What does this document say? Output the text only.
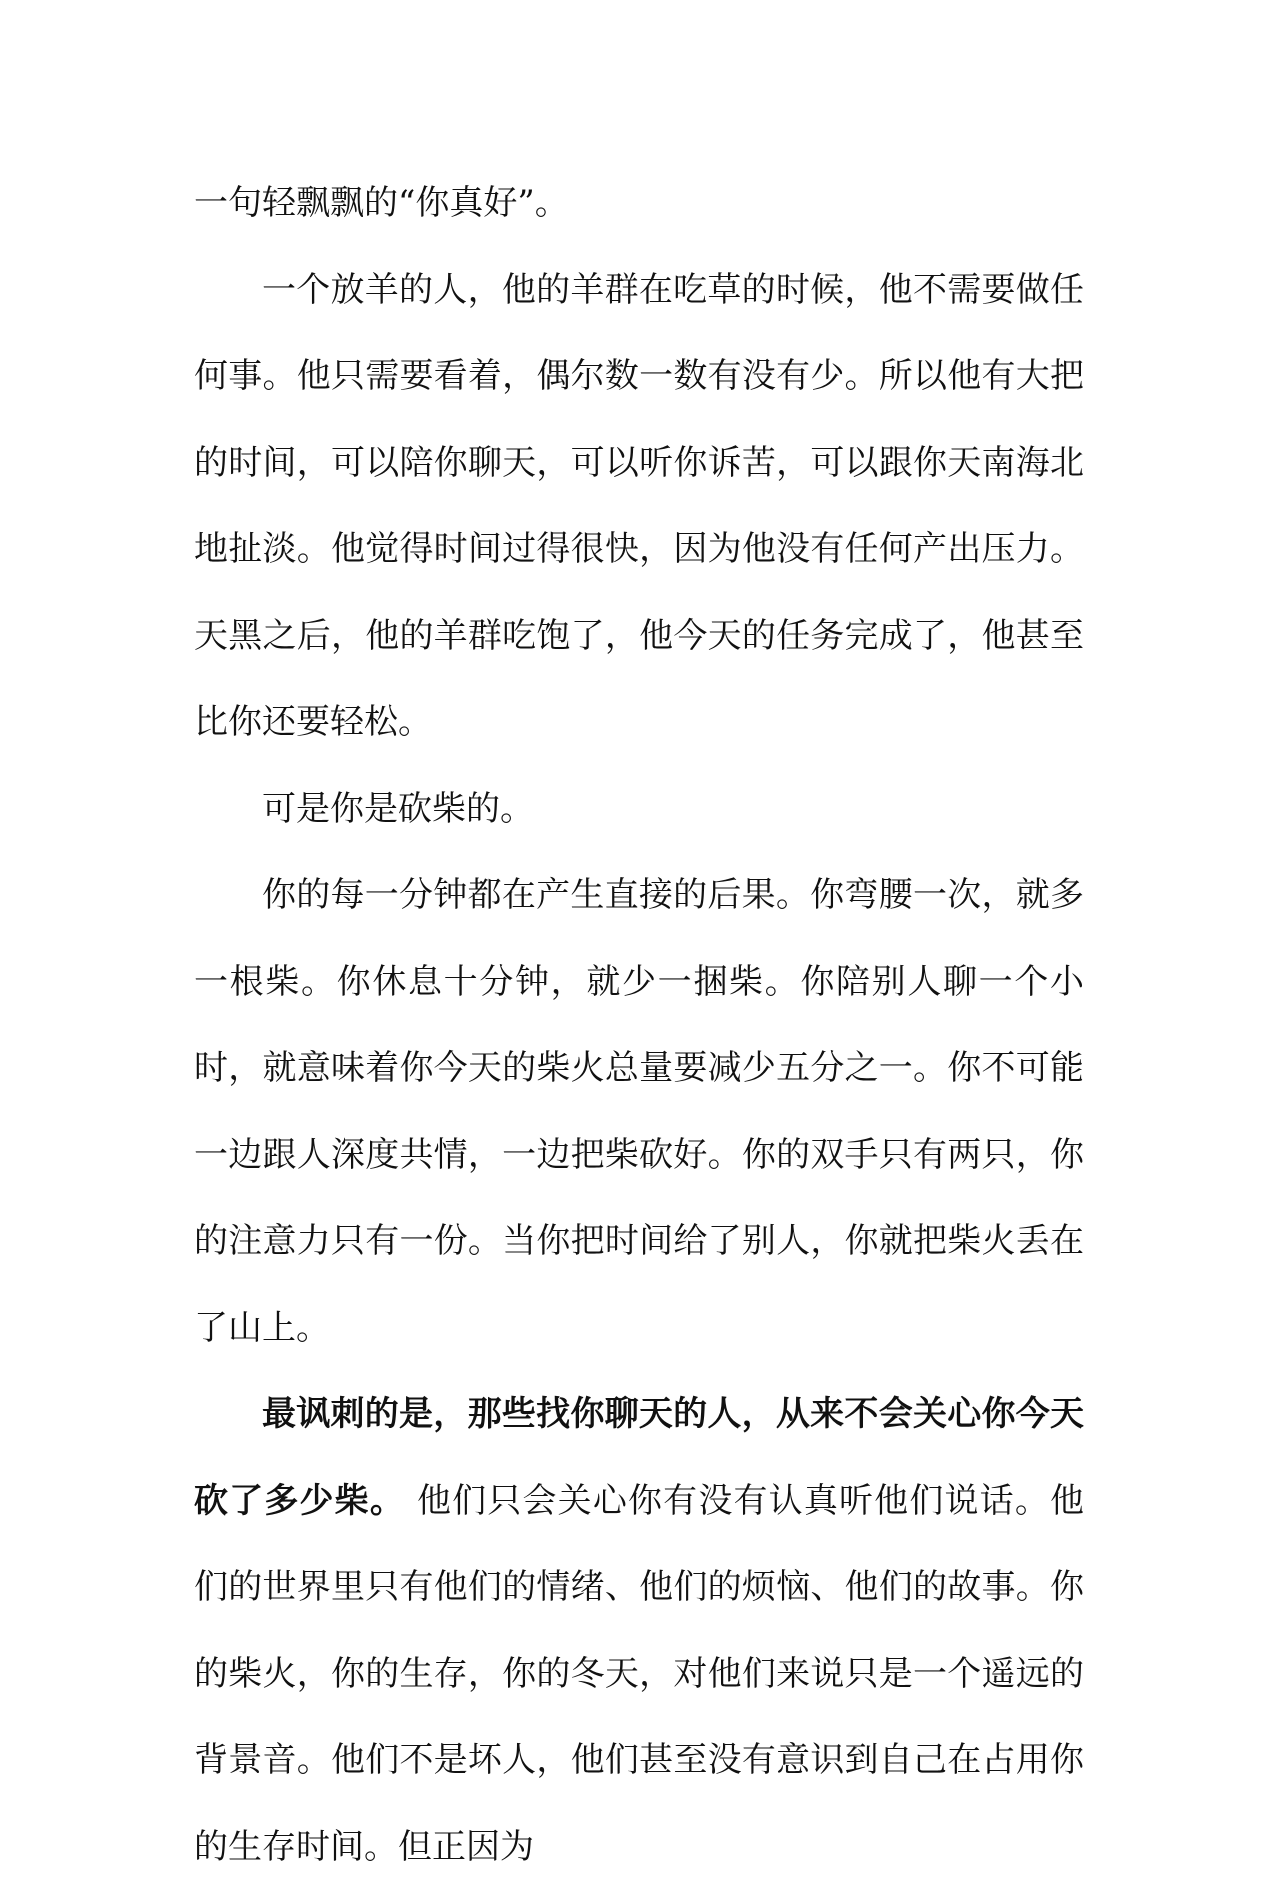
一句轻飘飘的“你真好”。

一个放羊的人，他的羊群在吃草的时候，他不需要做任何事。他只需要看着，偶尔数一数有没有少。所以他有大把的时间，可以陪你聊天，可以听你诉苦，可以跟你天南海北地扯淡。他觉得时间过得很快，因为他没有任何产出压力。天黑之后，他的羊群吃饱了，他今天的任务完成了，他甚至比你还要轻松。

可是你是砍柴的。

你的每一分钟都在产生直接的后果。你弯腰一次，就多一根柴。你休息十分钟，就少一捆柴。你陪别人聊一个小时，就意味着你今天的柴火总量要减少五分之一。你不可能一边跟人深度共情，一边把柴砍好。你的双手只有两只，你的注意力只有一份。当你把时间给了别人，你就把柴火丢在了山上。

最讽刺的是，那些找你聊天的人，从来不会关心你今天砍了多少柴。 他们只会关心你有没有认真听他们说话。他们的世界里只有他们的情绪、他们的烦恼、他们的故事。你的柴火，你的生存，你的冬天，对他们来说只是一个遥远的背景音。他们不是坏人，他们甚至没有意识到自己在占用你的生存时间。但正因为
